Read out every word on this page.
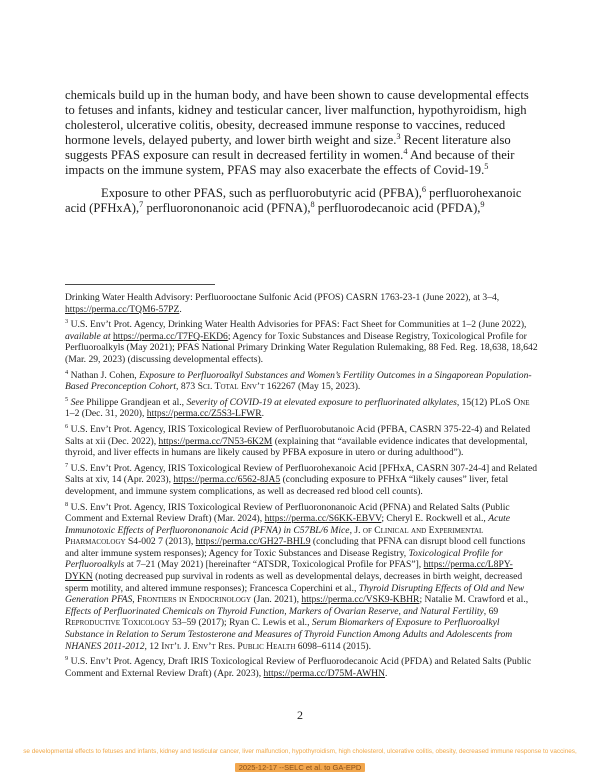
chemicals build up in the human body, and have been shown to cause developmental effects to fetuses and infants, kidney and testicular cancer, liver malfunction, hypothyroidism, high cholesterol, ulcerative colitis, obesity, decreased immune response to vaccines, reduced hormone levels, delayed puberty, and lower birth weight and size.$^3$ Recent literature also suggests PFAS exposure can result in decreased fertility in women.$^4$ And because of their impacts on the immune system, PFAS may also exacerbate the effects of Covid-19.$^5$

Exposure to other PFAS, such as perfluorobutyric acid (PFBA),$^6$ perfluorohexanoic acid (PFHxA),$^7$ perfluorononanoic acid (PFNA),$^8$ perfluorodecanoic acid (PFDA),$^9$

Drinking Water Health Advisory: Perfluorooctane Sulfonic Acid (PFOS) CASRN 1763-23-1 (June 2022), at 3–4, https://perma.cc/TQM6-57PZ.

$^3$ U.S. Env’t Prot. Agency, Drinking Water Health Advisories for PFAS: Fact Sheet for Communities at 1–2 (June 2022), available at https://perma.cc/T7FQ-EKD6; Agency for Toxic Substances and Disease Registry, Toxicological Profile for Perfluoroalkyls (May 2021); PFAS National Primary Drinking Water Regulation Rulemaking, 88 Fed. Reg. 18,638, 18,642 (Mar. 29, 2023) (discussing developmental effects).

$^4$ Nathan J. Cohen, Exposure to Perfluoroalkyl Substances and Women’s Fertility Outcomes in a Singaporean Population-Based Preconception Cohort, 873 Sci. Total Env’t 162267 (May 15, 2023).

$^5$ See Philippe Grandjean et al., Severity of COVID-19 at elevated exposure to perfluorinated alkylates, 15(12) PLoS One 1–2 (Dec. 31, 2020), https://perma.cc/Z5S3-LFWR.

$^6$ U.S. Env’t Prot. Agency, IRIS Toxicological Review of Perfluorobutanoic Acid (PFBA, CASRN 375-22-4) and Related Salts at xii (Dec. 2022), https://perma.cc/7N53-6K2M (explaining that “available evidence indicates that developmental, thyroid, and liver effects in humans are likely caused by PFBA exposure in utero or during adulthood”).

$^7$ U.S. Env’t Prot. Agency, IRIS Toxicological Review of Perfluorohexanoic Acid [PFHxA, CASRN 307-24-4] and Related Salts at xiv, 14 (Apr. 2023), https://perma.cc/6562-8JA5 (concluding exposure to PFHxA “likely causes” liver, fetal development, and immune system complications, as well as decreased red blood cell counts).

$^8$ U.S. Env’t Prot. Agency, IRIS Toxicological Review of Perfluorononanoic Acid (PFNA) and Related Salts (Public Comment and External Review Draft) (Mar. 2024), https://perma.cc/S6KK-EBVV; Cheryl E. Rockwell et al., Acute Immunotoxic Effects of Perfluorononanoic Acid (PFNA) in C57BL/6 Mice, J. of Clinical and Experimental Pharmacology S4-002 7 (2013), https://perma.cc/GH27-BHL9 (concluding that PFNA can disrupt blood cell functions and alter immune system responses); Agency for Toxic Substances and Disease Registry, Toxicological Profile for Perfluoroalkyls at 7–21 (May 2021) [hereinafter “ATSDR, Toxicological Profile for PFAS”], https://perma.cc/L8PY-DYKN (noting decreased pup survival in rodents as well as developmental delays, decreases in birth weight, decreased sperm motility, and altered immune responses); Francesca Coperchini et al., Thyroid Disrupting Effects of Old and New Generation PFAS, Frontiers in Endocrinology (Jan. 2021), https://perma.cc/VSK9-KBHR; Natalie M. Crawford et al., Effects of Perfluorinated Chemicals on Thyroid Function, Markers of Ovarian Reserve, and Natural Fertility, 69 Reproductive Toxicology 53–59 (2017); Ryan C. Lewis et al., Serum Biomarkers of Exposure to Perfluoroalkyl Substance in Relation to Serum Testosterone and Measures of Thyroid Function Among Adults and Adolescents from NHANES 2011-2012, 12 Int’l J. Env’t Res. Public Health 6098–6114 (2015).

$^9$ U.S. Env’t Prot. Agency, Draft IRIS Toxicological Review of Perfluorodecanoic Acid (PFDA) and Related Salts (Public Comment and External Review Draft) (Apr. 2023), https://perma.cc/D75M-AWHN.

2
se developmental effects to fetuses and infants, kidney and testicular cancer, liver malfunction, hypothyroidism, high cholesterol, ulcerative colitis, obesity, decreased immune response to vaccines,
2025-12-17 --SELC et al. to GA-EPD
